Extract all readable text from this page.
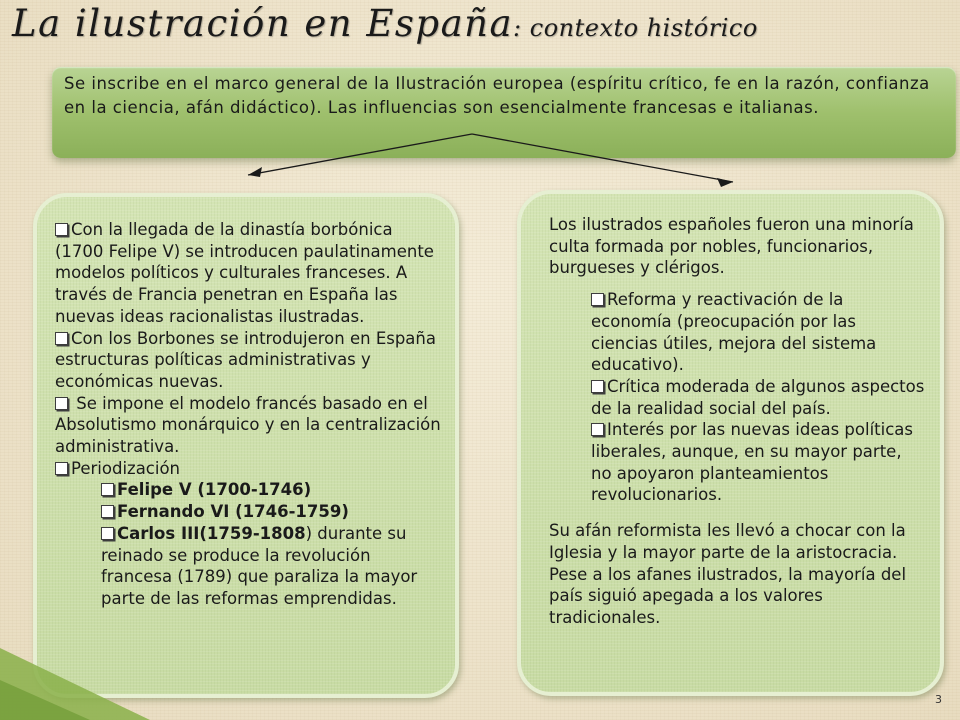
La ilustración en España: contexto histórico
Se inscribe en el marco general de la Ilustración europea (espíritu crítico, fe en la razón, confianza en la ciencia, afán didáctico). Las influencias son esencialmente francesas e italianas.
Con la llegada de la dinastía borbónica (1700 Felipe V) se introducen paulatinamente modelos políticos y culturales franceses. A través de Francia penetran en España las nuevas ideas racionalistas ilustradas.
Con los Borbones se introdujeron en España estructuras políticas administrativas y económicas nuevas.
Se impone el modelo francés basado en el Absolutismo monárquico y en la centralización administrativa.
Periodización
Felipe V (1700-1746)
Fernando VI (1746-1759)
Carlos III(1759-1808) durante su reinado se produce la revolución francesa (1789) que paraliza la mayor parte de las reformas emprendidas.
Los ilustrados españoles fueron una minoría culta formada por nobles, funcionarios, burgueses y clérigos.
Reforma y reactivación de la economía (preocupación por las ciencias útiles, mejora del sistema educativo).
Crítica moderada de algunos aspectos de la realidad social del país.
Interés por las nuevas ideas políticas liberales, aunque, en su mayor parte, no apoyaron planteamientos revolucionarios.
Su afán reformista les llevó a chocar con la Iglesia y la mayor parte de la aristocracia. Pese a los afanes ilustrados, la mayoría del país siguió apegada a los valores tradicionales.
3
